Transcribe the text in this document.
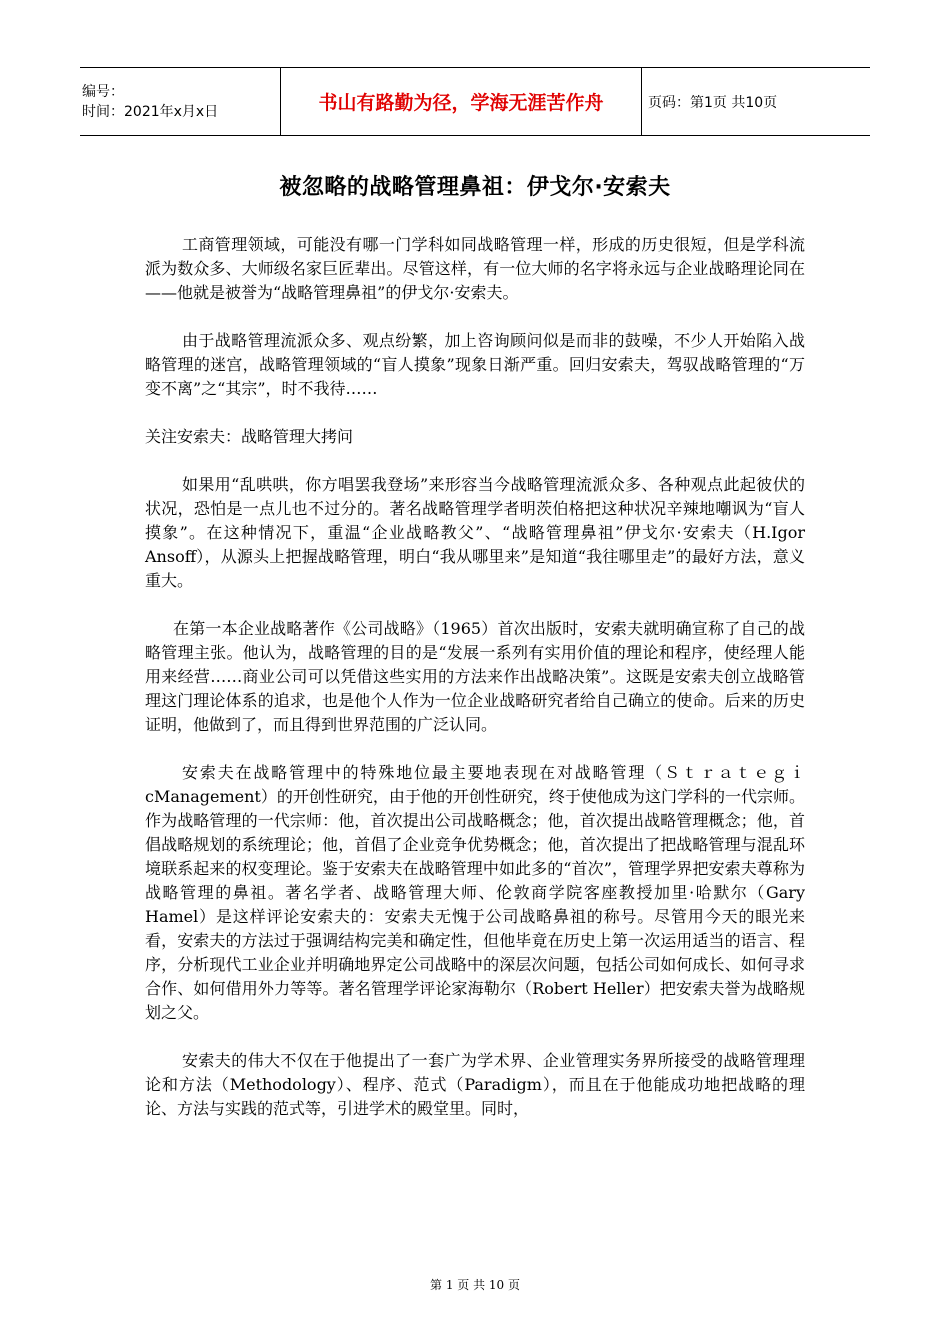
编号：
时间：2021年x月x日	书山有路勤为径，学海无涯苦作舟	页码：第1页 共10页
被忽略的战略管理鼻祖：伊戈尔·安索夫

工商管理领域，可能没有哪一门学科如同战略管理一样，形成的历史很短，但是学科流派为数众多、大师级名家巨匠辈出。尽管这样，有一位大师的名字将永远与企业战略理论同在——他就是被誉为“战略管理鼻祖”的伊戈尔·安索夫。

由于战略管理流派众多、观点纷繁，加上咨询顾问似是而非的鼓噪，不少人开始陷入战略管理的迷宫，战略管理领域的“盲人摸象”现象日渐严重。回归安索夫，驾驭战略管理的“万变不离”之“其宗”，时不我待……

关注安索夫：战略管理大拷问

如果用“乱哄哄，你方唱罢我登场”来形容当今战略管理流派众多、各种观点此起彼伏的状况，恐怕是一点儿也不过分的。著名战略管理学者明茨伯格把这种状况辛辣地嘲讽为“盲人摸象”。在这种情况下，重温“企业战略教父”、“战略管理鼻祖”伊戈尔·安索夫（H.Igor Ansoff），从源头上把握战略管理，明白“我从哪里来”是知道“我往哪里走”的最好方法，意义重大。

在第一本企业战略著作《公司战略》（1965）首次出版时，安索夫就明确宣称了自己的战略管理主张。他认为，战略管理的目的是“发展一系列有实用价值的理论和程序，使经理人能用来经营……商业公司可以凭借这些实用的方法来作出战略决策”。这既是安索夫创立战略管理这门理论体系的追求，也是他个人作为一位企业战略研究者给自己确立的使命。后来的历史证明，他做到了，而且得到世界范围的广泛认同。

安索夫在战略管理中的特殊地位最主要地表现在对战略管理（Ｓｔｒａｔｅｇｉ cManagement）的开创性研究，由于他的开创性研究，终于使他成为这门学科的一代宗师。作为战略管理的一代宗师：他，首次提出公司战略概念；他，首次提出战略管理概念；他，首倡战略规划的系统理论；他，首倡了企业竞争优势概念；他，首次提出了把战略管理与混乱环境联系起来的权变理论。鉴于安索夫在战略管理中如此多的“首次”，管理学界把安索夫尊称为战略管理的鼻祖。著名学者、战略管理大师、伦敦商学院客座教授加里·哈默尔（Gary Hamel）是这样评论安索夫的：安索夫无愧于公司战略鼻祖的称号。尽管用今天的眼光来看，安索夫的方法过于强调结构完美和确定性，但他毕竟在历史上第一次运用适当的语言、程序，分析现代工业企业并明确地界定公司战略中的深层次问题，包括公司如何成长、如何寻求合作、如何借用外力等等。著名管理学评论家海勒尔（Robert Heller）把安索夫誉为战略规划之父。

安索夫的伟大不仅在于他提出了一套广为学术界、企业管理实务界所接受的战略管理理论和方法（Methodology）、程序、范式（Paradigm），而且在于他能成功地把战略的理论、方法与实践的范式等，引进学术的殿堂里。同时，

第 1 页 共 10 页
